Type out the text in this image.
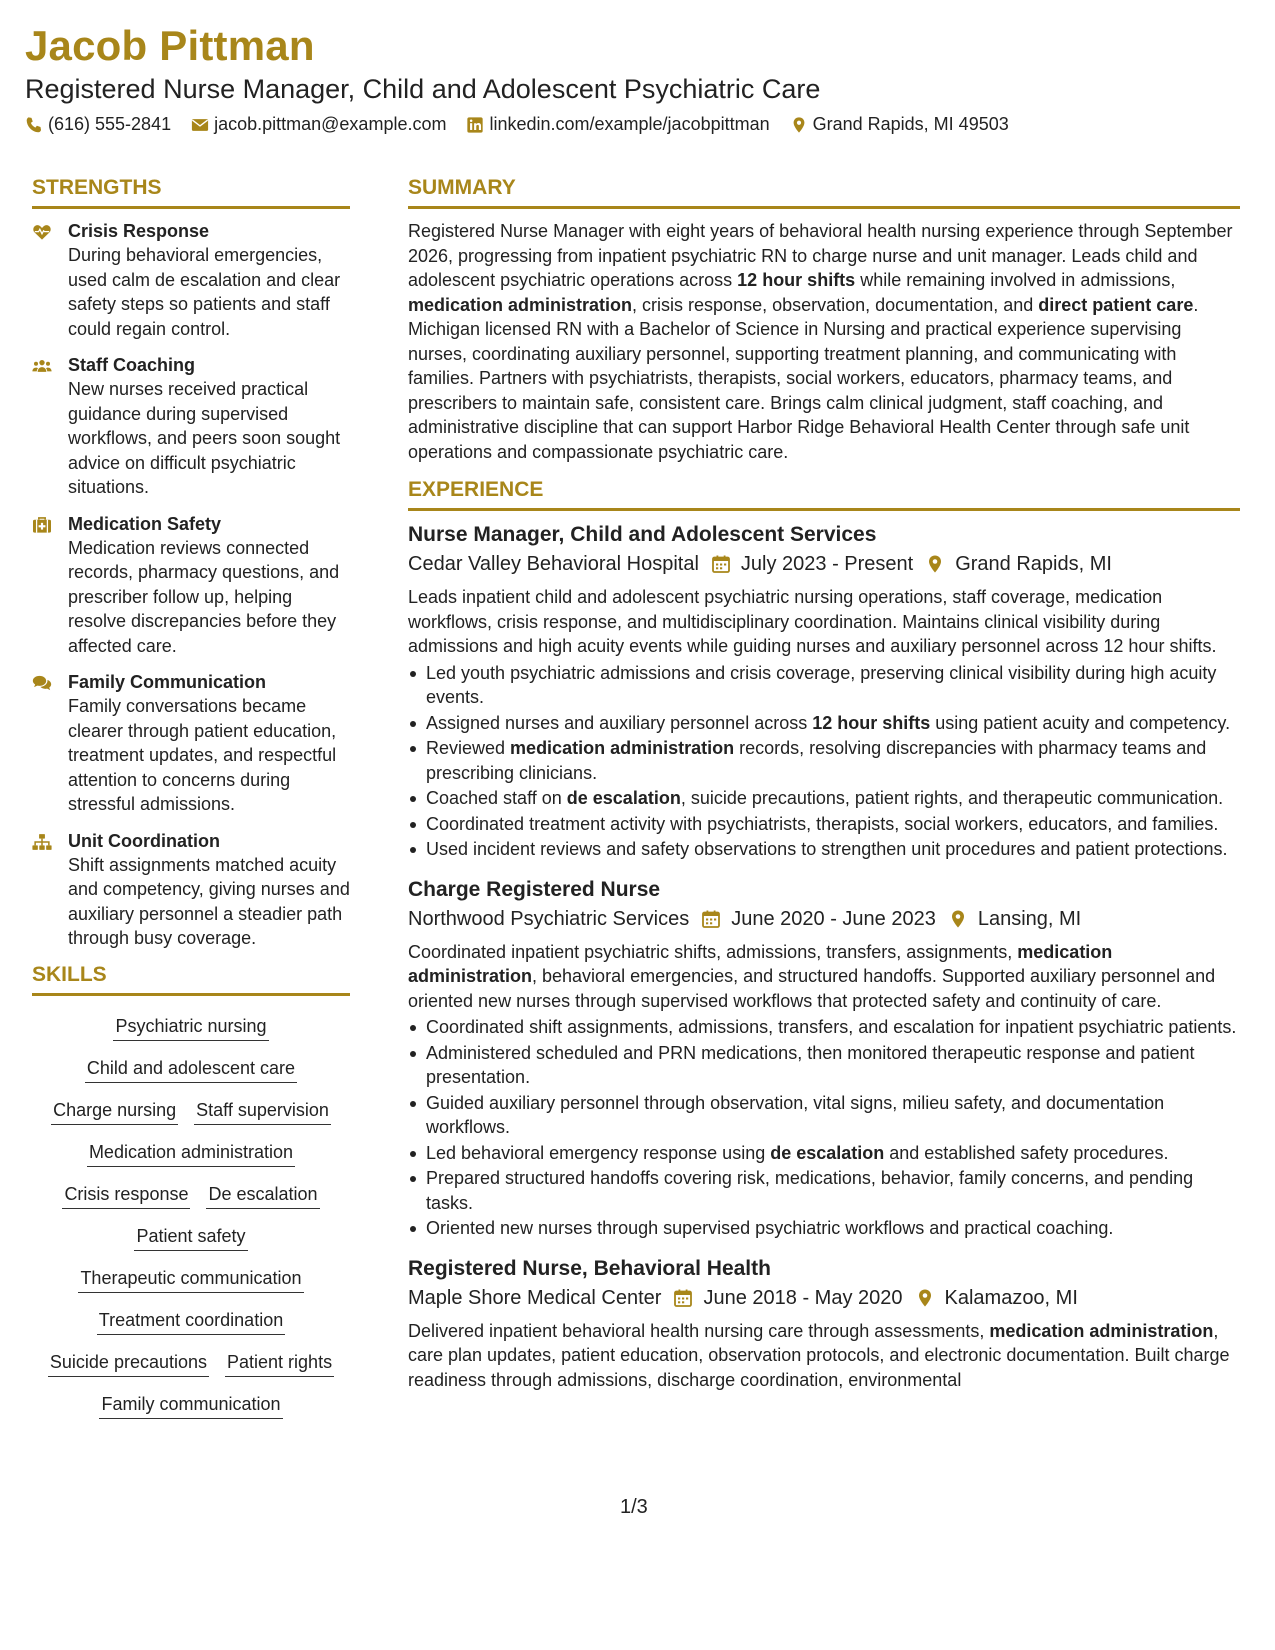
Jacob Pittman
Registered Nurse Manager, Child and Adolescent Psychiatric Care
(616) 555-2841 jacob.pittman@example.com linkedin.com/example/jacobpittman Grand Rapids, MI 49503
STRENGTHS
Crisis Response
During behavioral emergencies, used calm de escalation and clear safety steps so patients and staff could regain control.
Staff Coaching
New nurses received practical guidance during supervised workflows, and peers soon sought advice on difficult psychiatric situations.
Medication Safety
Medication reviews connected records, pharmacy questions, and prescriber follow up, helping resolve discrepancies before they affected care.
Family Communication
Family conversations became clearer through patient education, treatment updates, and respectful attention to concerns during stressful admissions.
Unit Coordination
Shift assignments matched acuity and competency, giving nurses and auxiliary personnel a steadier path through busy coverage.
SKILLS
Psychiatric nursing
Child and adolescent care
Charge nursing Staff supervision
Medication administration
Crisis response De escalation
Patient safety
Therapeutic communication
Treatment coordination
Suicide precautions Patient rights
Family communication
SUMMARY
Registered Nurse Manager with eight years of behavioral health nursing experience through September 2026, progressing from inpatient psychiatric RN to charge nurse and unit manager. Leads child and adolescent psychiatric operations across 12 hour shifts while remaining involved in admissions, medication administration, crisis response, observation, documentation, and direct patient care. Michigan licensed RN with a Bachelor of Science in Nursing and practical experience supervising nurses, coordinating auxiliary personnel, supporting treatment planning, and communicating with families. Partners with psychiatrists, therapists, social workers, educators, pharmacy teams, and prescribers to maintain safe, consistent care. Brings calm clinical judgment, staff coaching, and administrative discipline that can support Harbor Ridge Behavioral Health Center through safe unit operations and compassionate psychiatric care.
EXPERIENCE
Nurse Manager, Child and Adolescent Services
Cedar Valley Behavioral Hospital July 2023 - Present Grand Rapids, MI
Leads inpatient child and adolescent psychiatric nursing operations, staff coverage, medication workflows, crisis response, and multidisciplinary coordination. Maintains clinical visibility during admissions and high acuity events while guiding nurses and auxiliary personnel across 12 hour shifts.
Led youth psychiatric admissions and crisis coverage, preserving clinical visibility during high acuity events.
Assigned nurses and auxiliary personnel across 12 hour shifts using patient acuity and competency.
Reviewed medication administration records, resolving discrepancies with pharmacy teams and prescribing clinicians.
Coached staff on de escalation, suicide precautions, patient rights, and therapeutic communication.
Coordinated treatment activity with psychiatrists, therapists, social workers, educators, and families.
Used incident reviews and safety observations to strengthen unit procedures and patient protections.
Charge Registered Nurse
Northwood Psychiatric Services June 2020 - June 2023 Lansing, MI
Coordinated inpatient psychiatric shifts, admissions, transfers, assignments, medication administration, behavioral emergencies, and structured handoffs. Supported auxiliary personnel and oriented new nurses through supervised workflows that protected safety and continuity of care.
Coordinated shift assignments, admissions, transfers, and escalation for inpatient psychiatric patients.
Administered scheduled and PRN medications, then monitored therapeutic response and patient presentation.
Guided auxiliary personnel through observation, vital signs, milieu safety, and documentation workflows.
Led behavioral emergency response using de escalation and established safety procedures.
Prepared structured handoffs covering risk, medications, behavior, family concerns, and pending tasks.
Oriented new nurses through supervised psychiatric workflows and practical coaching.
Registered Nurse, Behavioral Health
Maple Shore Medical Center June 2018 - May 2020 Kalamazoo, MI
Delivered inpatient behavioral health nursing care through assessments, medication administration, care plan updates, patient education, observation protocols, and electronic documentation. Built charge readiness through admissions, discharge coordination, environmental
1/3
